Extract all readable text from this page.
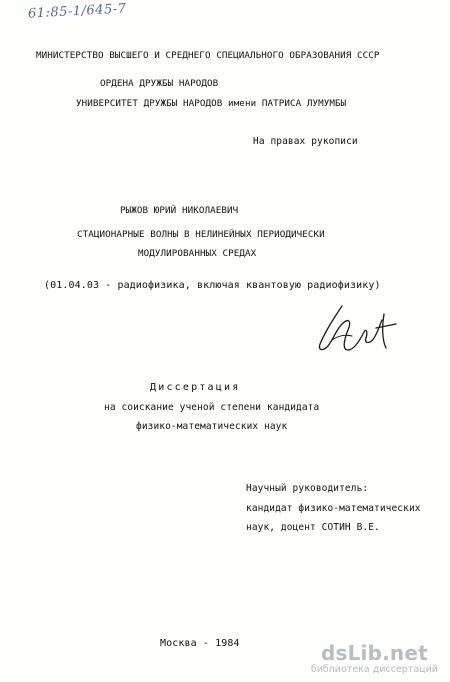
61:85-1/645-7
МИНИСТЕРСТВО ВЫСШЕГО И СРЕДНЕГО СПЕЦИАЛЬНОГО ОБРАЗОВАНИЯ СССР
ОРДЕНА ДРУЖБЫ НАРОДОВ
УНИВЕРСИТЕТ ДРУЖБЫ НАРОДОВ имени ПАТРИСА ЛУМУМБЫ
На правах рукописи
РЫЖОВ ЮРИЙ НИКОЛАЕВИЧ
СТАЦИОНАРНЫЕ ВОЛНЫ В НЕЛИНЕЙНЫХ ПЕРИОДИЧЕСКИ
МОДУЛИРОВАННЫХ СРЕДАХ
(01.04.03 - радиофизика, включая квантовую радиофизику)
Диссертация
на соискание ученой степени кандидата
физико-математических наук
Научный руководитель:
кандидат физико-математических
наук, доцент СОТИН В.Е.
Москва - 1984	dsLib.net
библиотека диссертаций
